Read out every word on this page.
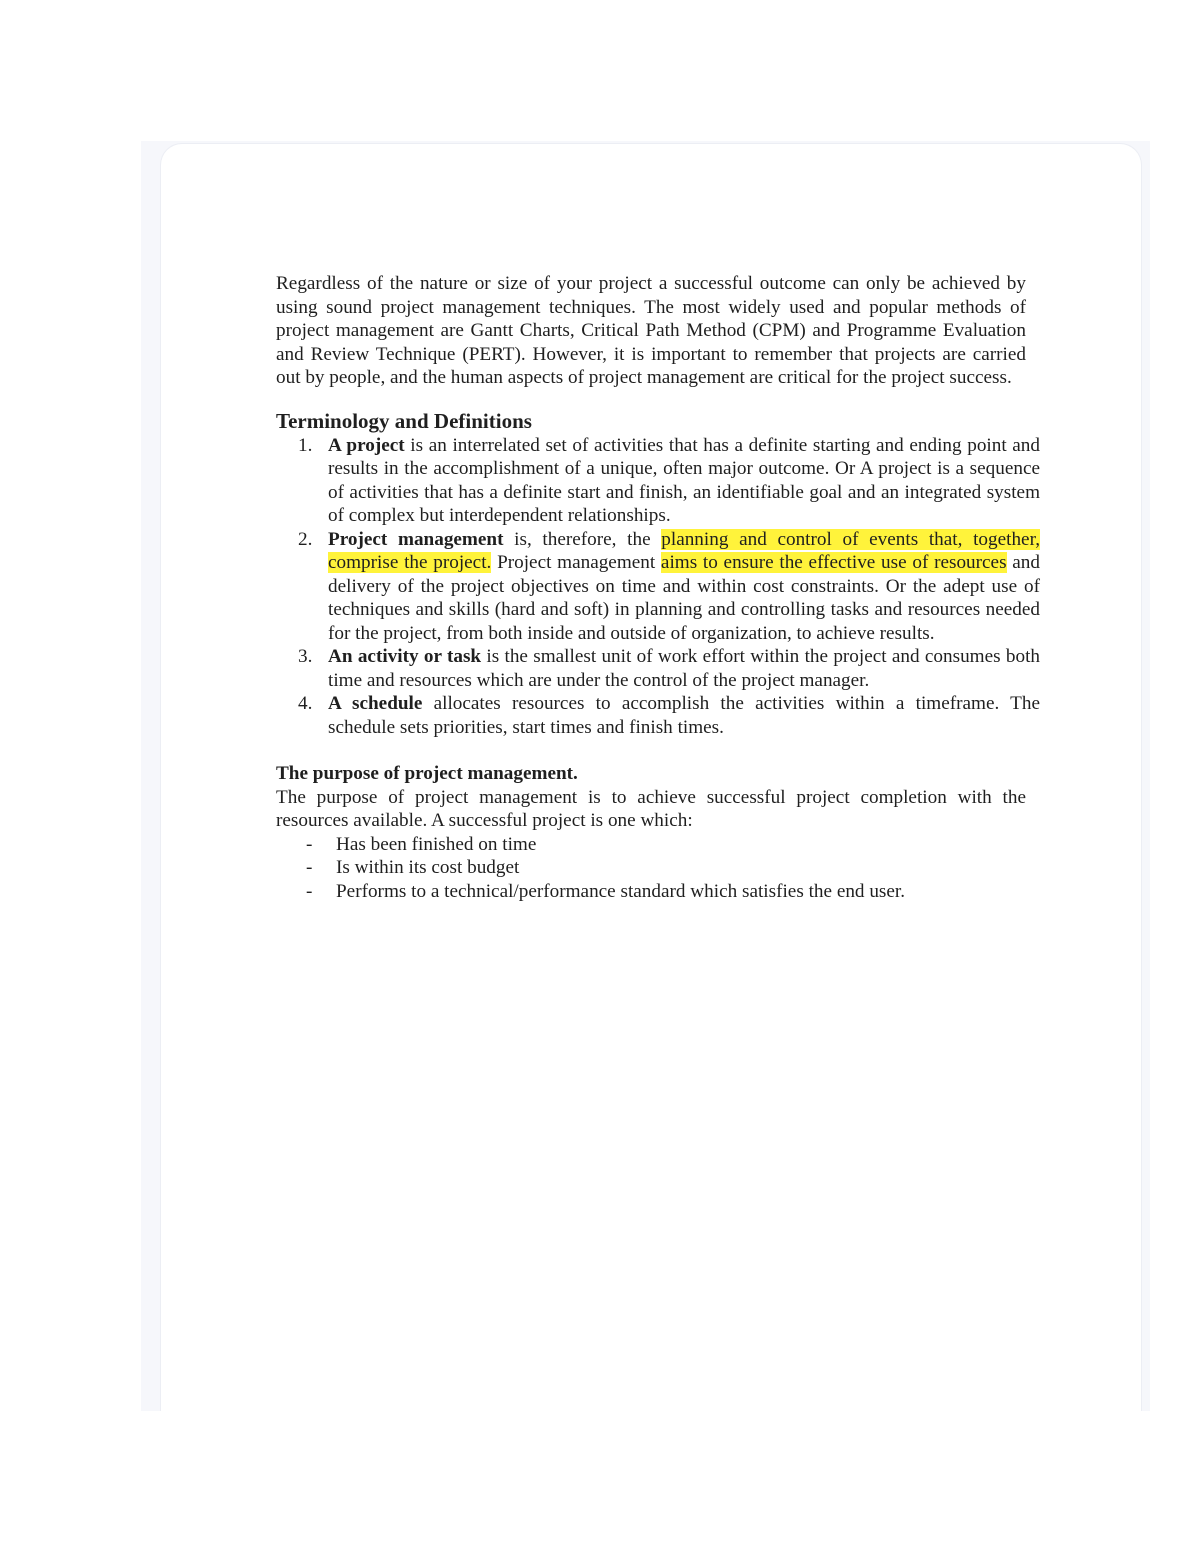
Regardless of the nature or size of your project a successful outcome can only be achieved by using sound project management techniques. The most widely used and popular methods of project management are Gantt Charts, Critical Path Method (CPM) and Programme Evaluation and Review Technique (PERT). However, it is important to remember that projects are carried out by people, and the human aspects of project management are critical for the project success.

Terminology and Definitions
1. A project is an interrelated set of activities that has a definite starting and ending point and results in the accomplishment of a unique, often major outcome. Or A project is a sequence of activities that has a definite start and finish, an identifiable goal and an integrated system of complex but interdependent relationships.
2. Project management is, therefore, the planning and control of events that, together, comprise the project. Project management aims to ensure the effective use of resources and delivery of the project objectives on time and within cost constraints. Or the adept use of techniques and skills (hard and soft) in planning and controlling tasks and resources needed for the project, from both inside and outside of organization, to achieve results.
3. An activity or task is the smallest unit of work effort within the project and consumes both time and resources which are under the control of the project manager.
4. A schedule allocates resources to accomplish the activities within a timeframe. The schedule sets priorities, start times and finish times.
The purpose of project management.

The purpose of project management is to achieve successful project completion with the resources available. A successful project is one which:

- Has been finished on time
- Is within its cost budget
- Performs to a technical/performance standard which satisfies the end user.
